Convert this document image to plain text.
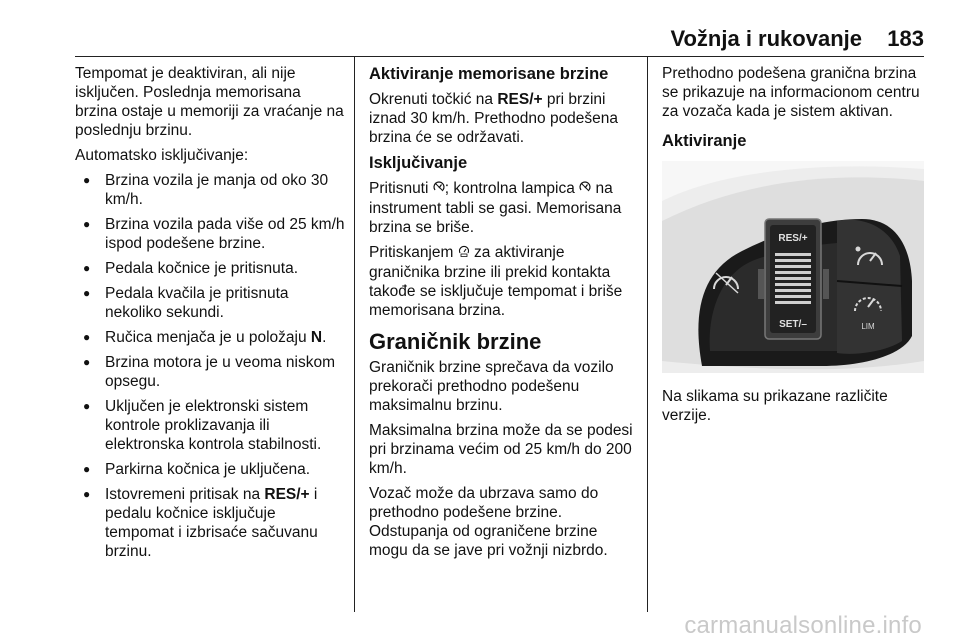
Vožnja i rukovanje 183

Tempomat je deaktiviran, ali nije isključen. Poslednja memorisana brzina ostaje u memoriji za vraćanje na poslednju brzinu.

Automatsko isključivanje:

● Brzina vozila je manja od oko 30 km/h.
● Brzina vozila pada više od 25 km/h ispod podešene brzine.
● Pedala kočnice je pritisnuta.
● Pedala kvačila je pritisnuta nekoliko sekundi.
● Ručica menjača je u položaju N.
● Brzina motora je u veoma niskom opsegu.
● Uključen je elektronski sistem kontrole proklizavanja ili elektronska kontrola stabilnosti.
● Parkirna kočnica je uključena.
● Istovremeni pritisak na RES/+ i pedalu kočnice isključuje tempomat i izbrisaće sačuvanu brzinu.
Aktiviranje memorisane brzine

Okrenuti točkić na RES/+ pri brzini iznad 30 km/h. Prethodno podešena brzina će se održavati.

Isključivanje

Pritisnuti ; kontrolna lampica  na instrument tabli se gasi. Memorisana brzina se briše.

Pritiskanjem  za aktiviranje graničnika brzine ili prekid kontakta takođe se isključuje tempomat i briše memorisana brzina.

Graničnik brzine

Graničnik brzine sprečava da vozilo prekorači prethodno podešenu maksimalnu brzinu.

Maksimalna brzina može da se podesi pri brzinama većim od 25 km/h do 200 km/h.

Vozač može da ubrzava samo do prethodno podešene brzine. Odstupanja od ograničene brzine mogu da se jave pri vožnji nizbrdo.

Prethodno podešena granična brzina se prikazuje na informacionom centru za vozača kada je sistem aktivan.

Aktiviranje
RES/+
SET/–	LIM

Na slikama su prikazane različite verzije.

carmanualsonline.info
